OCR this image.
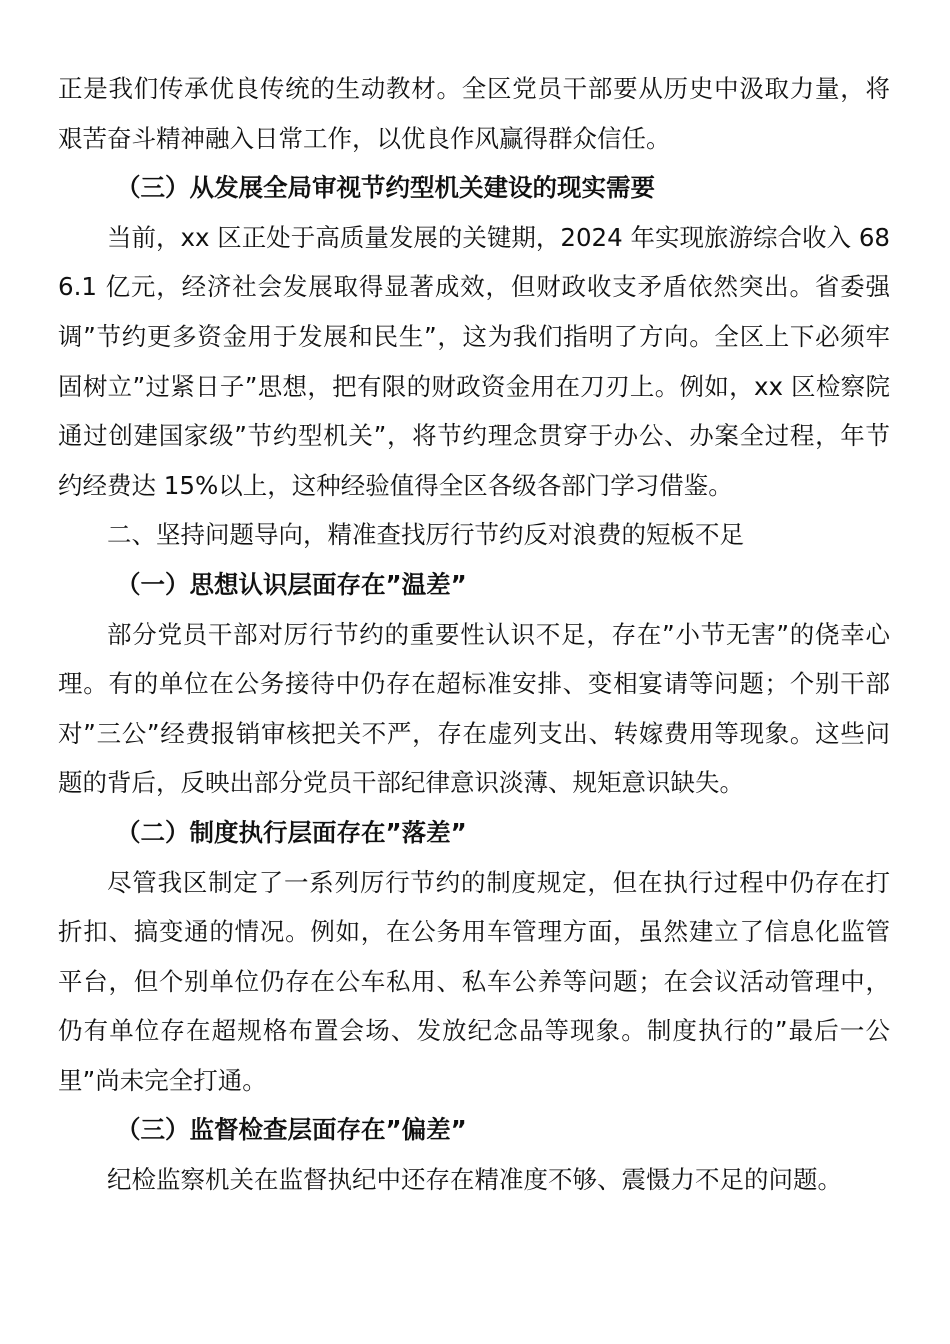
正是我们传承优良传统的生动教材。全区党员干部要从历史中汲取力量，将艰苦奋斗精神融入日常工作，以优良作风赢得群众信任。

（三）从发展全局审视节约型机关建设的现实需要

当前，xx 区正处于高质量发展的关键期，2024 年实现旅游综合收入 686.1 亿元，经济社会发展取得显著成效，但财政收支矛盾依然突出。省委强调”节约更多资金用于发展和民生”，这为我们指明了方向。全区上下必须牢固树立”过紧日子”思想，把有限的财政资金用在刀刃上。例如，xx 区检察院通过创建国家级”节约型机关”，将节约理念贯穿于办公、办案全过程，年节约经费达 15%以上，这种经验值得全区各级各部门学习借鉴。

二、坚持问题导向，精准查找厉行节约反对浪费的短板不足

（一）思想认识层面存在”温差”

部分党员干部对厉行节约的重要性认识不足，存在”小节无害”的侥幸心理。有的单位在公务接待中仍存在超标准安排、变相宴请等问题；个别干部对”三公”经费报销审核把关不严，存在虚列支出、转嫁费用等现象。这些问题的背后，反映出部分党员干部纪律意识淡薄、规矩意识缺失。

（二）制度执行层面存在”落差”

尽管我区制定了一系列厉行节约的制度规定，但在执行过程中仍存在打折扣、搞变通的情况。例如，在公务用车管理方面，虽然建立了信息化监管平台，但个别单位仍存在公车私用、私车公养等问题；在会议活动管理中，仍有单位存在超规格布置会场、发放纪念品等现象。制度执行的”最后一公里”尚未完全打通。

（三）监督检查层面存在”偏差”

纪检监察机关在监督执纪中还存在精准度不够、震慑力不足的问题。
